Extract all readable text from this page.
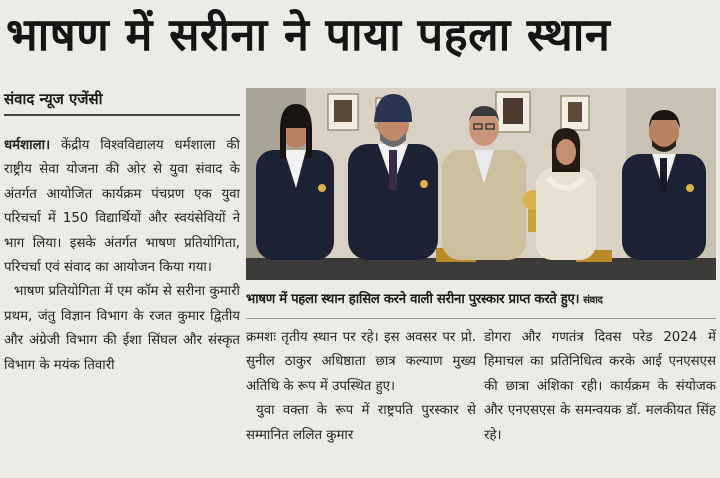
भाषण में सरीना ने पाया पहला स्थान
संवाद न्यूज एजेंसी

धर्मशाला। केंद्रीय विश्वविद्यालय धर्मशाला की राष्ट्रीय सेवा योजना की ओर से युवा संवाद के अंतर्गत आयोजित कार्यक्रम पंचप्रण एक युवा परिचर्चा में 150 विद्यार्थियों और स्वयंसेवियों ने भाग लिया। इसके अंतर्गत भाषण प्रतियोगिता, परिचर्चा एवं संवाद का आयोजन किया गया।

भाषण प्रतियोगिता में एम कॉम से सरीना कुमारी प्रथम, जंतु विज्ञान विभाग के रजत कुमार द्वितीय और अंग्रेजी विभाग की ईशा सिंघल और संस्कृत विभाग के मयंक तिवारी

भाषण में पहला स्थान हासिल करने वाली सरीना पुरस्कार प्राप्त करते हुए। संवाद

क्रमशः तृतीय स्थान पर रहे। इस अवसर पर प्रो. सुनील ठाकुर अधिष्ठाता छात्र कल्याण मुख्य अतिथि के रूप में उपस्थित हुए।

युवा वक्ता के रूप में राष्ट्रपति पुरस्कार से सम्मानित ललित कुमार

डोगरा और गणतंत्र दिवस परेड 2024 में हिमाचल का प्रतिनिधित्व करके आई एनएसएस की छात्रा अंशिका रही। कार्यक्रम के संयोजक और एनएसएस के समन्वयक डॉ. मलकीयत सिंह रहे।
